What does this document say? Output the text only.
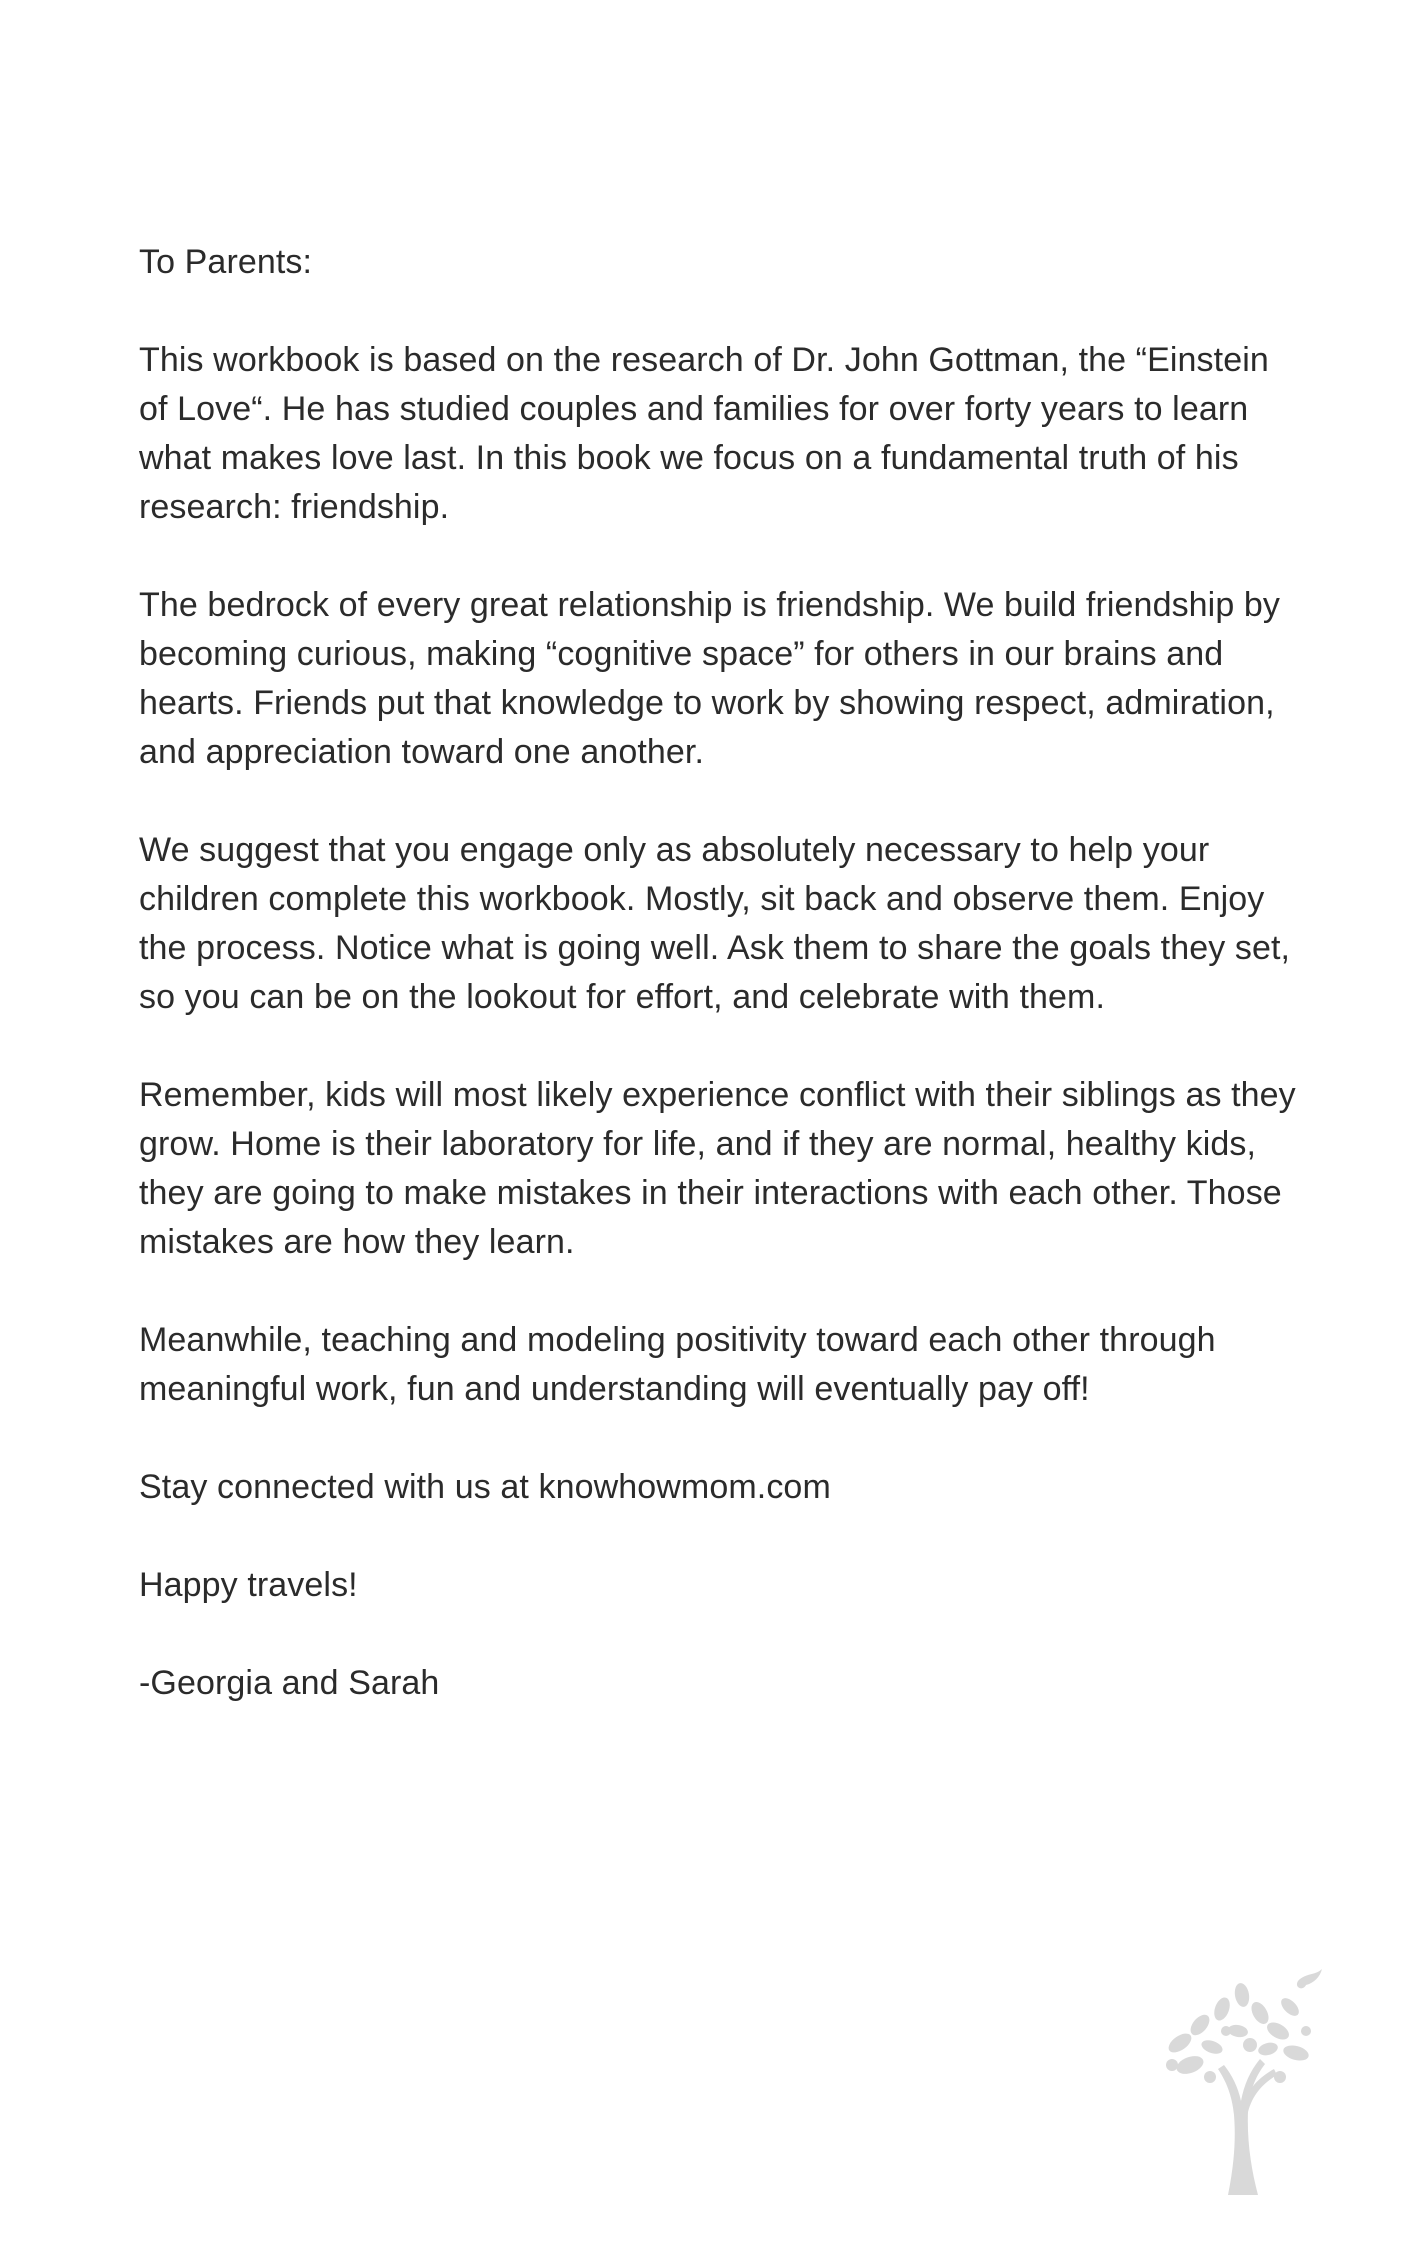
To Parents:

This workbook is based on the research of Dr. John Gottman, the “Einstein of Love“. He has studied couples and families for over forty years to learn what makes love last. In this book we focus on a fundamental truth of his research: friendship.

The bedrock of every great relationship is friendship. We build friendship by becoming curious, making “cognitive space” for others in our brains and hearts. Friends put that knowledge to work by showing respect, admiration, and appreciation toward one another.

We suggest that you engage only as absolutely necessary to help your children complete this workbook. Mostly, sit back and observe them. Enjoy the process. Notice what is going well. Ask them to share the goals they set, so you can be on the lookout for effort, and celebrate with them.

Remember, kids will most likely experience conflict with their siblings as they grow. Home is their laboratory for life, and if they are normal, healthy kids, they are going to make mistakes in their interactions with each other. Those mistakes are how they learn.

Meanwhile, teaching and modeling positivity toward each other through meaningful work, fun and understanding will eventually pay off!

Stay connected with us at knowhowmom.com

Happy travels!

-Georgia and Sarah
